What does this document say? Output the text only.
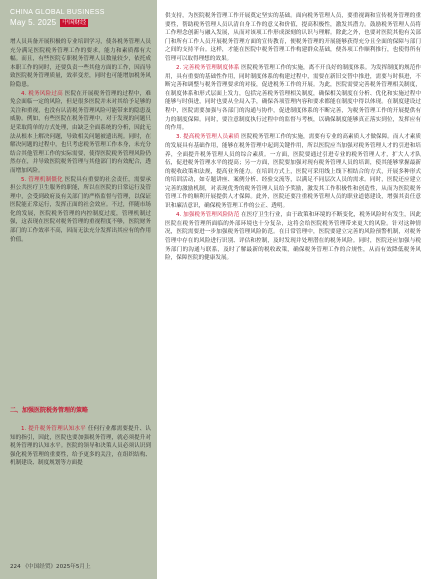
CHINA GLOBAL BUSINESS
May 5. 2025	中国财经

增人员具备开展积极的专业培训学习，使各税务管理人员充分满足医院税务管理工作的要求，能力和素质都有大幅。而且，有些医院专职税务管理人员数量较少，依托成本职工作的同时，还要负责一些其他方面的工作，因而导致医院税务管理质量，效率变差，同时也可能增加税务风险隐患。

4. 税务风险过高 医院在开展税务管理的过程中，难免会面临一定的风险，但是很多医院并未对其给予足够的关注和重视，也没有认清税务管理风险可能带来的隐患及威胁。例如，有些医院在税务管理中，对于发现的问题只是采取简单的方式处理，由缺乏全面系统的分析，因此无法从根本上解决问题，导致相关问题被遗出现。同时，在解决问题的过程中，也只考虑税务管理工作本身，未充分结合其他管理工作的实际需要，使得医院税务管理风险仍然存在，并导致医院税务管理与其他部门的有效配合，透而增加风险。

5. 管理机制僵化 医院具有重要的社会责任，需要承担公共医疗卫生服务的职能，所以在医院的日常运行及管理中，会受到政府及有关部门的严格监督与管理，以保证医院能正常运行，发挥正面的社会效应。不过，伴随市场化的发展，医院税务管理的内控制度过度，管理机制过强，这表现在医院对税务管理的重视程度不够，医院财务部门的工作效率不高，因而无法充分发挥出其应有的作用价值。

二、加强医院税务管理的策略

1. 提升税务管理认知水平 任何行业都需要提升、认知的指引，因此，医院也要加强税务管理，就必须提升对税务管理的认知水平。医院的领导和决策人员必须认识到强化税务管理的重要性，给予更多的关注，在组织结构、机制建设、制度规划等方面提

224 《中国经贸》2025年5月上

供支持，为医院税务管理工作开展奠定坚实的基础。面向税务管理人员，要重视调和宣传税务管理的重要性，帮助税务管理人员认清自身工作的意义和价值，提高积极性，激发其潜力。鼓励税务管理人员将工作理念创新与融入发展，从而对该项工作形成深刻的认识与理解。除此之外，也要对医院其他有关部门和所有工作人员开展税务管理方面的宣传教育，便税务管理的开展能够获得充分且全面的保障与部门之间的支持平台。这样，才能在医院中税务管理工作构建群众基础，便各项工作顺利推行，也使得所有管理可以取得理想的效果。

2. 完善税务管理制度体系 医院税务管理工作的实施，离不开良好的制度体系。为发挥制度的规范作用，具有重要的基础性作用，同时制度体系的构建过程中，需要在新旧交替中推进，需要与时俱进，不断完善和调整与税务管理要求的对接，促进税务工作的开展。为此，医院需要完善税务管理相关制度，在制度体系和形式层面上发力，包括完善税务管理相关制度，确保相关制度在分析、优化和实施过程中能够与时俱进，同时也要从全局入手，确保各项管理内容和要求都能在制度中得以体现。在制度建设过程中，医院需要加强与各部门的沟通与协作，促进制度体系的不断完善，为税务管理工作的开展提供有力的制度保障。同时，要注意制度执行过程中的监督与考核，以确保制度能够真正落实到位，发挥应有的作用。

3. 提高税务管理人员素质 医院税务管理工作的实施，需要有专业的高素质人才做保障。而人才素质的发展具有基础作用，能够在税务管理中起到关键作用，所以医院应当加强对税务管理人才的引进和培养，全面提升税务管理人员的综合素质。一方面，医院要通过引进专业的税务管理人才，扩大人才队伍，促进税务管理水平的提高；另一方面，医院要加强对现有税务管理人员的培训，使其能够掌握最新的税收政策和法规，提高业务能力。在培训方式上，医院可采用线上线下相结合的方式，开展多种形式的培训活动，如专题讲座、案例分析、经验交流等，以满足不同层次人员的需求。同时，医院还应建立完善的激励机制，对表现优秀的税务管理人员给予奖励，激发其工作积极性和创造性，从而为医院税务管理工作的顺利开展提供人才保障。此外，医院还要注重税务管理人员的职业道德建设，增强其责任意识和廉洁意识，确保税务管理工作的公正、透明。

4. 加强税务管理风险防范 在医疗卫生行业，由于政策和环境的不断变化，税务风险时有发生，因此医院在税务管理所面临的外部环境也十分复杂，这将会给医院税务管理带来更大的风险。针对这种情况，医院需要进一步加强税务管理风险防范。在日常管理中，医院要建立完善的风险预警机制，对税务管理中存在的风险进行识别、评估和控制，及时发现并处理潜在的税务风险。同时，医院还应加强与税务部门的沟通与联系，及时了解最新的税收政策，确保税务管理工作的合规性，从而有效降低税务风险，保障医院的健康发展。
